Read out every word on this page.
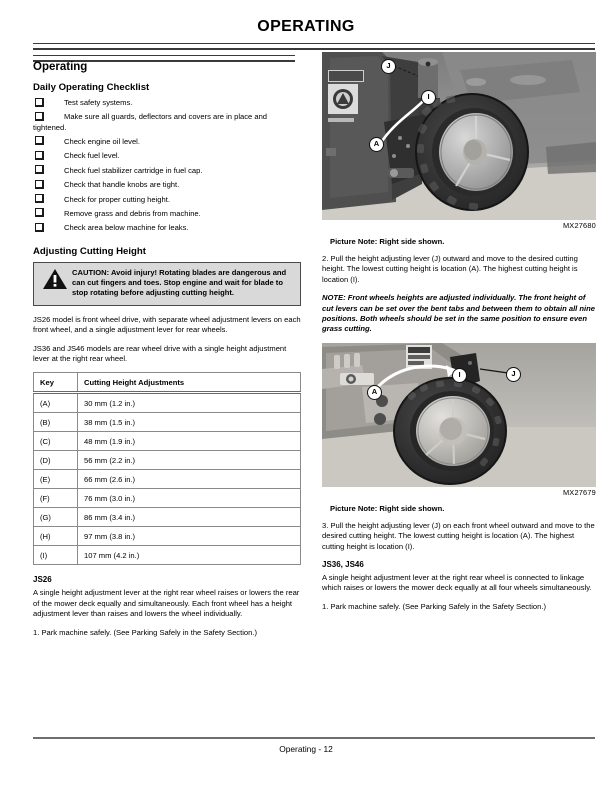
OPERATING
Operating
Daily Operating Checklist
Test safety systems.
Make sure all guards, deflectors and covers are in place and tightened.
Check engine oil level.
Check fuel level.
Check fuel stabilizer cartridge in fuel cap.
Check that handle knobs are tight.
Check for proper cutting height.
Remove grass and debris from machine.
Check area below machine for leaks.
Adjusting Cutting Height
CAUTION: Avoid injury! Rotating blades are dangerous and can cut fingers and toes. Stop engine and wait for blade to stop rotating before adjusting cutting height.

JS26 model is front wheel drive, with separate wheel adjustment levers on each front wheel, and a single adjustment lever for rear wheels.

JS36 and JS46 models are rear wheel drive with a single height adjustment lever at the right rear wheel.

Key	Cutting Height Adjustments
(A)	30 mm (1.2 in.)
(B)	38 mm (1.5 in.)
(C)	48 mm (1.9 in.)
(D)	56 mm (2.2 in.)
(E)	66 mm (2.6 in.)
(F)	76 mm (3.0 in.)
(G)	86 mm (3.4 in.)
(H)	97 mm (3.8 in.)
(I)	107 mm (4.2 in.)
JS26

A single height adjustment lever at the right rear wheel raises or lowers the rear of the mower deck equally and simultaneously. Each front wheel has a height adjustment lever than raises and lowers the wheel individually.

1. Park machine safely. (See Parking Safely in the Safety Section.)

J
I
A
MX27680
Picture Note: Right side shown.

2. Pull the height adjusting lever (J) outward and move to the desired cutting height. The lowest cutting height is location (A). The highest cutting height is location (I).

NOTE: Front wheels heights are adjusted individually. The front height of cut levers can be set over the bent tabs and between them to obtain all nine positions. Both wheels should be set in the same position to ensure even grass cutting.

A
I	J
MX27679
Picture Note: Right side shown.

3. Pull the height adjusting lever (J) on each front wheel outward and move to the desired cutting height. The lowest cutting height is location (A). The highest cutting height is location (I).

JS36, JS46

A single height adjustment lever at the right rear wheel is connected to linkage which raises or lowers the mower deck equally at all four wheels simultaneously.

1. Park machine safely. (See Parking Safely in the Safety Section.)

Operating - 12
